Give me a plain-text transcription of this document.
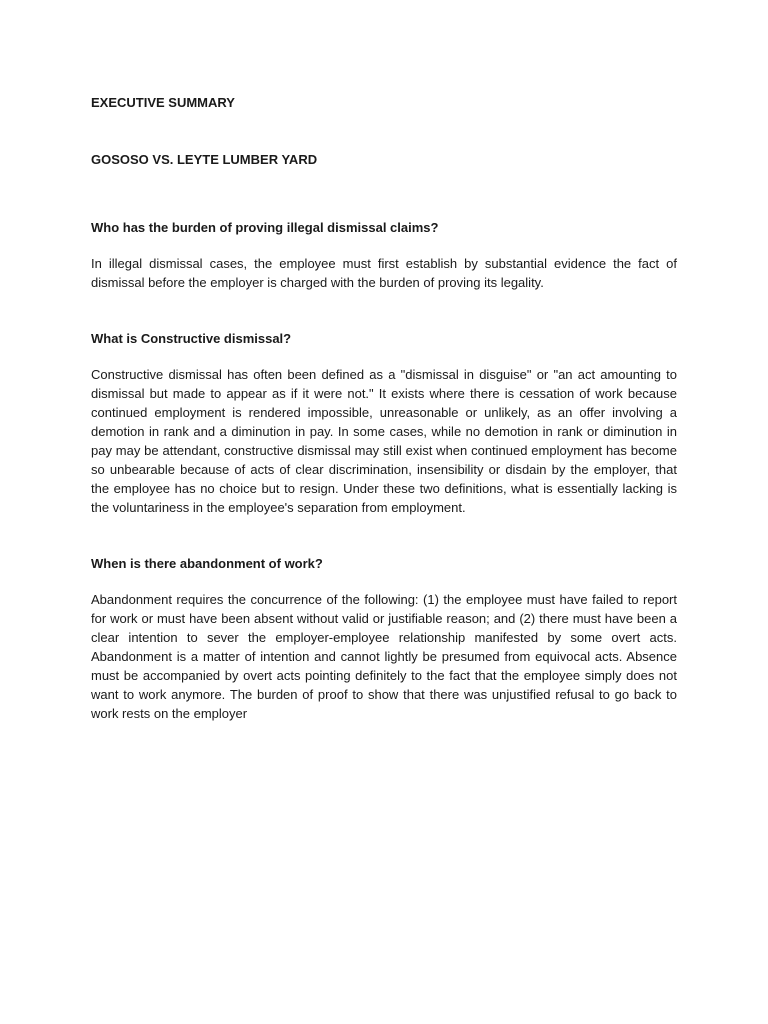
EXECUTIVE SUMMARY

GOSOSO VS. LEYTE LUMBER YARD

Who has the burden of proving illegal dismissal claims?

In illegal dismissal cases, the employee must first establish by substantial evidence the fact of dismissal before the employer is charged with the burden of proving its legality.

What is Constructive dismissal?

Constructive dismissal has often been defined as a "dismissal in disguise" or "an act amounting to dismissal but made to appear as if it were not." It exists where there is cessation of work because continued employment is rendered impossible, unreasonable or unlikely, as an offer involving a demotion in rank and a diminution in pay. In some cases, while no demotion in rank or diminution in pay may be attendant, constructive dismissal may still exist when continued employment has become so unbearable because of acts of clear discrimination, insensibility or disdain by the employer, that the employee has no choice but to resign. Under these two definitions, what is essentially lacking is the voluntariness in the employee's separation from employment.

When is there abandonment of work?

Abandonment requires the concurrence of the following: (1) the employee must have failed to report for work or must have been absent without valid or justifiable reason; and (2) there must have been a clear intention to sever the employer-employee relationship manifested by some overt acts. Abandonment is a matter of intention and cannot lightly be presumed from equivocal acts. Absence must be accompanied by overt acts pointing definitely to the fact that the employee simply does not want to work anymore. The burden of proof to show that there was unjustified refusal to go back to work rests on the employer
